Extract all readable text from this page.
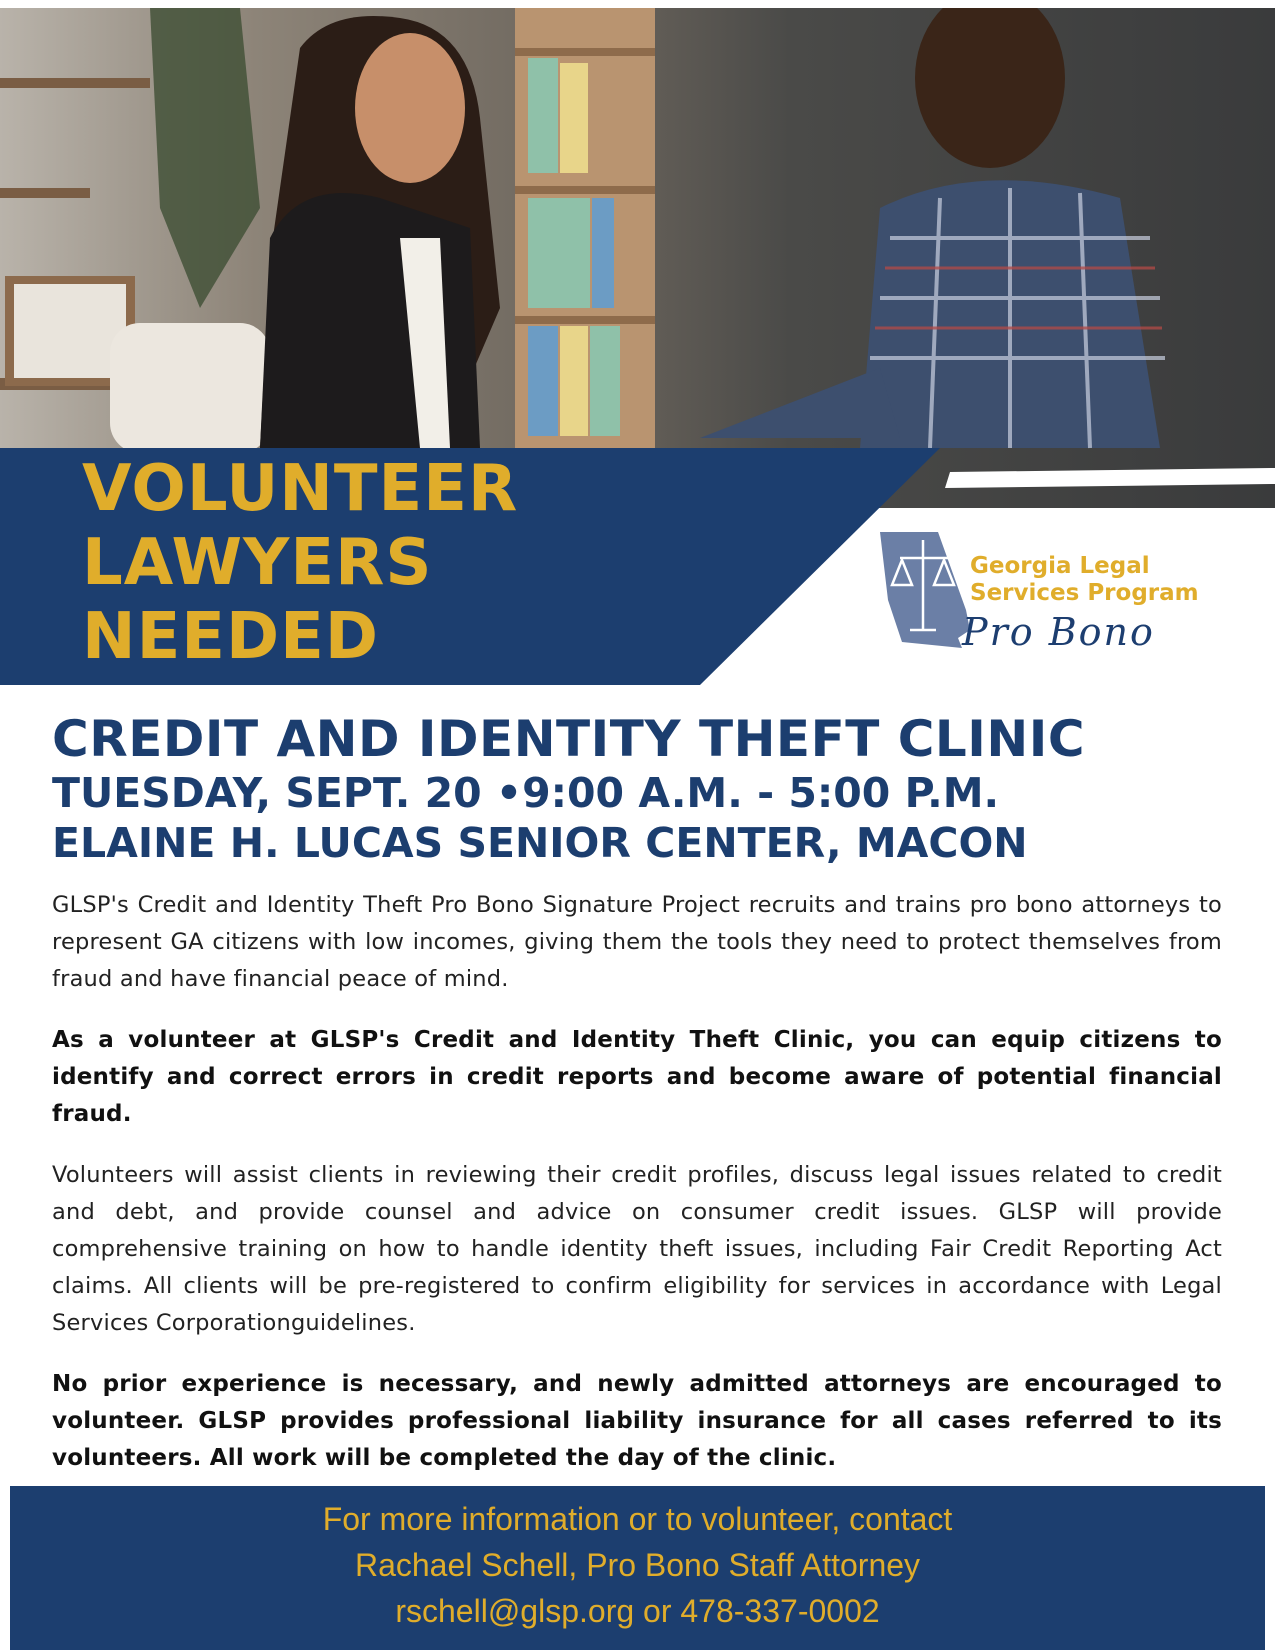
VOLUNTEER
LAWYERS
NEEDED
Georgia Legal
Services Program
Pro Bono
CREDIT AND IDENTITY THEFT CLINIC
TUESDAY, SEPT. 20 •9:00 A.M. - 5:00 P.M.
ELAINE H. LUCAS SENIOR CENTER, MACON

GLSP's Credit and Identity Theft Pro Bono Signature Project recruits and trains pro bono attorneys to represent GA citizens with low incomes, giving them the tools they need to protect themselves from fraud and have financial peace of mind.

As a volunteer at GLSP's Credit and Identity Theft Clinic, you can equip citizens to identify and correct errors in credit reports and become aware of potential financial fraud.

Volunteers will assist clients in reviewing their credit profiles, discuss legal issues related to credit and debt, and provide counsel and advice on consumer credit issues. GLSP will provide comprehensive training on how to handle identity theft issues, including Fair Credit Reporting Act claims. All clients will be pre-registered to confirm eligibility for services in accordance with Legal Services Corporationguidelines.

No prior experience is necessary, and newly admitted attorneys are encouraged to volunteer. GLSP provides professional liability insurance for all cases referred to its volunteers. All work will be completed the day of the clinic.

For more information or to volunteer, contact
Rachael Schell, Pro Bono Staff Attorney
rschell@glsp.org or 478-337-0002
